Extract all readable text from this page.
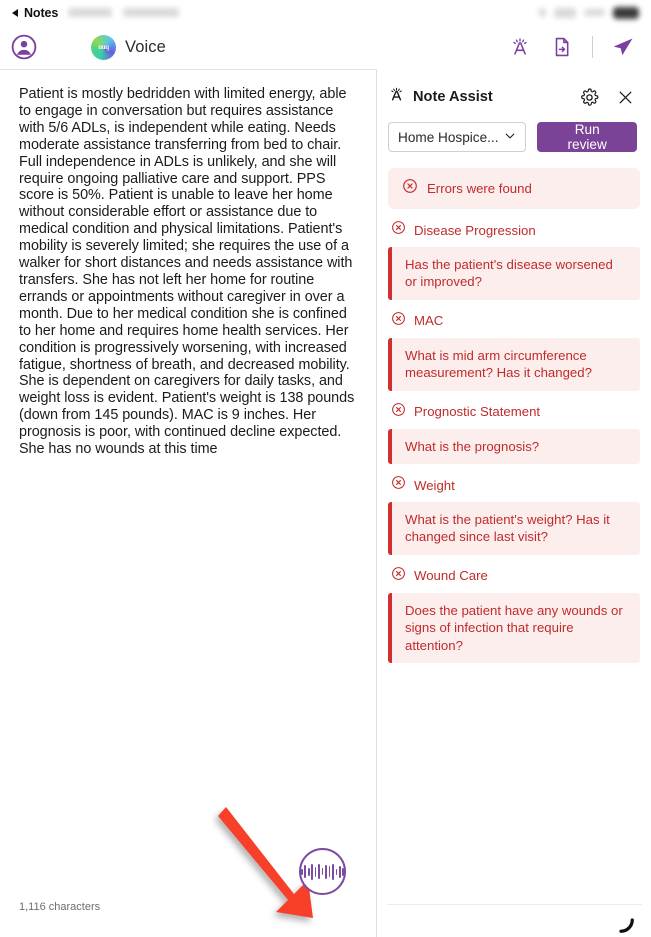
Notes
nuq Voice
Patient is mostly bedridden with limited energy, able to engage in conversation but requires assistance with 5/6 ADLs, is independent while eating. Needs moderate assistance transferring from bed to chair. Full independence in ADLs is unlikely, and she will require ongoing palliative care and support. PPS score is 50%. Patient is unable to leave her home without considerable effort or assistance due to medical condition and physical limitations. Patient's mobility is severely limited; she requires the use of a walker for short distances and needs assistance with transfers. She has not left her home for routine errands or appointments without caregiver in over a month. Due to her medical condition she is confined to her home and requires home health services. Her condition is progressively worsening, with increased fatigue, shortness of breath, and decreased mobility. She is dependent on caregivers for daily tasks, and weight loss is evident. Patient's weight is 138 pounds (down from 145 pounds). MAC is 9 inches. Her prognosis is poor, with continued decline expected. She has no wounds at this time
1,116 characters
Note Assist
Home Hospice...	Run review
Errors were found
Disease Progression
Has the patient's disease worsened or improved?
MAC
What is mid arm circumference measurement? Has it changed?
Prognostic Statement
What is the prognosis?
Weight
What is the patient's weight? Has it changed since last visit?
Wound Care
Does the patient have any wounds or signs of infection that require attention?
